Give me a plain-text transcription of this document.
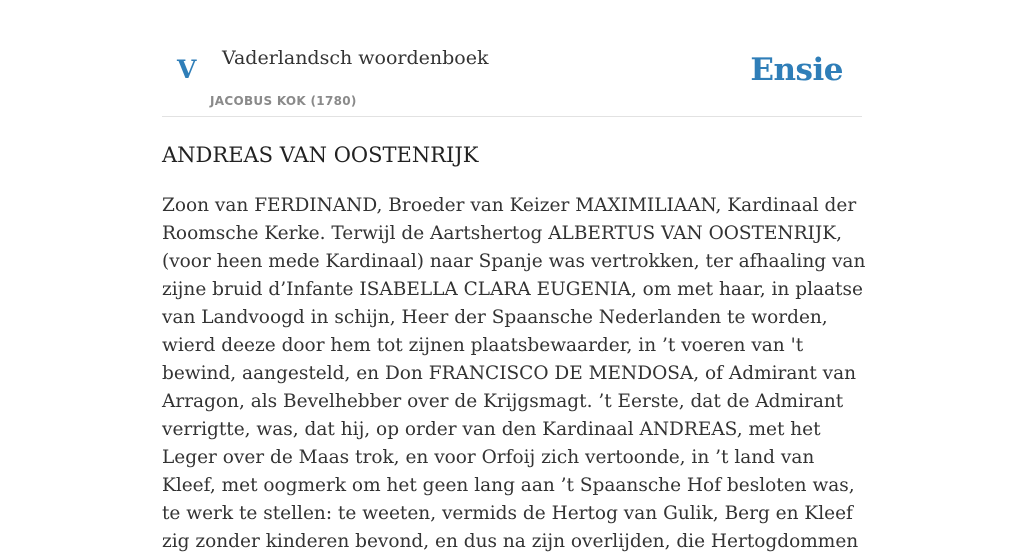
V Vaderlandsch woordenboek
JACOBUS KOK (1780)
Ensie
ANDREAS VAN OOSTENRIJK

Zoon van FERDINAND, Broeder van Keizer MAXIMILIAAN, Kardinaal der Roomsche Kerke. Terwijl de Aartshertog ALBERTUS VAN OOSTENRIJK, (voor heen mede Kardinaal) naar Spanje was vertrokken, ter afhaaling van zijne bruid d’Infante ISABELLA CLARA EUGENIA, om met haar, in plaatse van Landvoogd in schijn, Heer der Spaansche Nederlanden te worden, wierd deeze door hem tot zijnen plaatsbewaarder, in ’t voeren van 't bewind, aangesteld, en Don FRANCISCO DE MENDOSA, of Admirant van Arragon, als Bevelhebber over de Krijgsmagt. ’t Eerste, dat de Admirant verrigtte, was, dat hij, op order van den Kardinaal ANDREAS, met het Leger over de Maas trok, en voor Orfoij zich vertoonde, in ’t land van Kleef, met oogmerk om het geen lang aan ’t Spaansche Hof besloten was, te werk te stellen: te weeten, vermids de Hertog van Gulik, Berg en Kleef zig zonder kinderen bevond, en dus na zijn overlijden, die Hertogdommen
